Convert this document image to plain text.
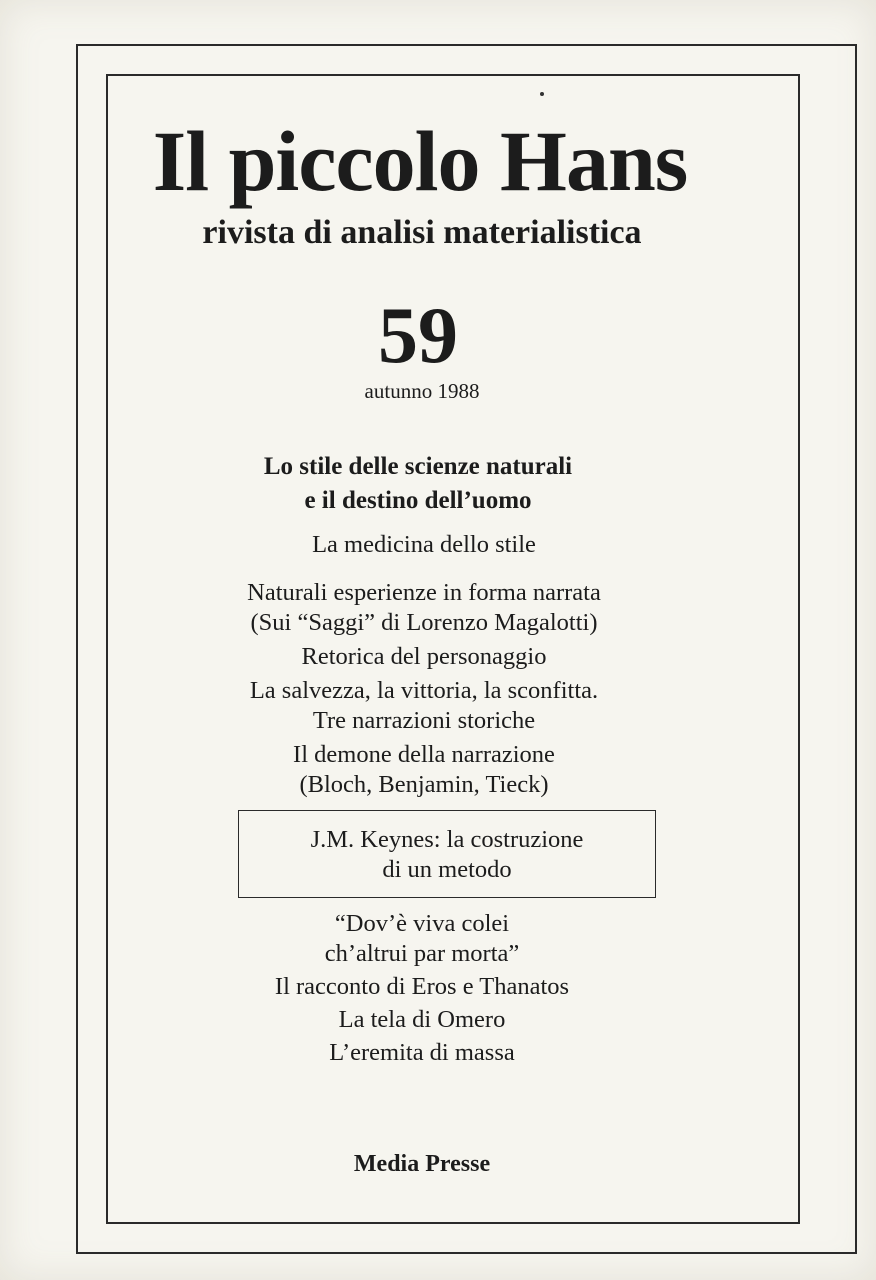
Il piccolo Hans
rivista di analisi materialistica
59
autunno 1988
Lo stile delle scienze naturali
e il destino dell’uomo
La medicina dello stile
Naturali esperienze in forma narrata
(Sui “Saggi” di Lorenzo Magalotti)
Retorica del personaggio
La salvezza, la vittoria, la sconfitta.
Tre narrazioni storiche
Il demone della narrazione
(Bloch, Benjamin, Tieck)
J.M. Keynes: la costruzione
di un metodo
“Dov’è viva colei
ch’altrui par morta”
Il racconto di Eros e Thanatos
La tela di Omero
L’eremita di massa
Media Presse
